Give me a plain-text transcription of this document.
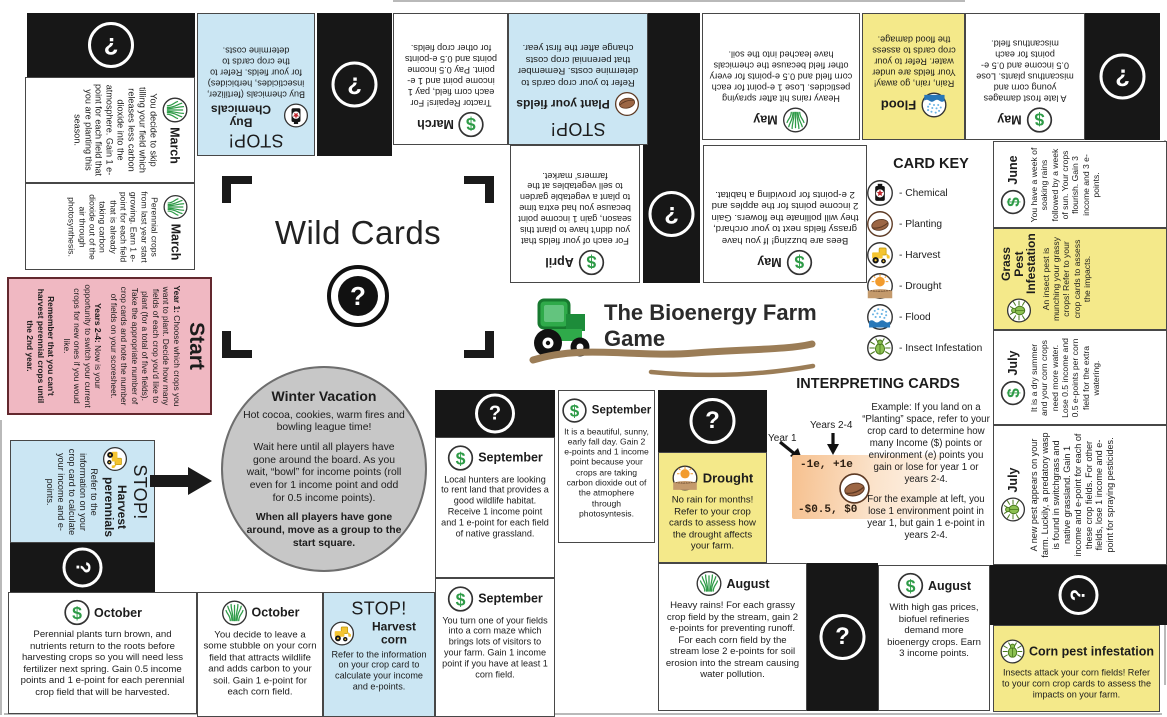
?
STOP!
Buy Chemicals
Buy chemicals (fertilizer, insecticides, herbicides) for your fields. Refer to the crop cards to determine costs.
?
March
Tractor Repairs! For each corn field, pay 1 income point and 1 e-point. Pay 0.5 income points and 0.5 e-points for other crop fields.
STOP!
Plant your fields
Refer to your crop cards to determine costs. Remember that perennial crop costs change after the first year.
May
Heavy rains hit after spraying pesticides. Lose 1 e-point for each corn field and 0.5 e-points for every other field because the chemicals have leached into the soil.
Flood
Rain, rain, go away! Your fields are under water. Refer to your crop cards to assess the flood damage.
May
A late frost damages young corn and miscanthus plants. Lose 0.5 income and 0.5 e-points for each miscanthus field.
?
April
For each of your fields that you didn't have to plant this season, gain 1 income point because you had extra time to plant a vegetable garden to sell vegetables at the farmers' market.
?
May
Bees are buzzing! If you have grassy fields next to your orchard, they will pollinate the flowers. Gain 2 income points for the apples and 2 e-points for providing a habitat.
March
You decide to skip tilling your field which releases less carbon dioxide into the atmosphere. Gain 1 e-point for each field that you are planting this season.
March
Perennial crops from last year start growing. Earn 1 e-point for each field that is already taking carbon dioxide out of the air through photosynthesis.
Start

Year 1: Choose which crops you want to plant. Decide how many fields of each crop you'd like to plant (for a total of five fields). Take the appropriate number of crop cards and note the number of fields on your scoresheet.

Years 2-4: Now is your opportunity to switch your current crops for new ones if you woud like.

Remember that you can't harvest perennial crops until the 2nd year.

STOP!
Harvest perennials
Refer to the information on your crop card to calculate your income and e-points.
?
October
Perennial plants turn brown, and nutrients return to the roots before harvesting crops so you will need less fertilizer next spring. Gain 0.5 income points and 1 e-point for each perennial crop field that will be harvested.
October
You decide to leave a some stubble on your corn field that attracts wildlife and adds carbon to your soil. Gain 1 e-point for each corn field.
STOP!
Harvest corn
Refer to the information on your crop card to calculate your income and e-points.
September
You turn one of your fields into a corn maze which brings lots of visitors to your farm. Gain 1 income point if you have at least 1 corn field.
?
September
Local hunters are looking to rent land that provides a good wildlife habitat. Receive 1 income point and 1 e-point for each field of native grassland.
September
It is a beautiful, sunny, early fall day. Gain 2 e-points and 1 income point because your crops are taking carbon dioxide out of the atmophere through photosyntesis.
?
Drought
No rain for months! Refer to your crop cards to assess how the drought affects your farm.
August
Heavy rains! For each grassy crop field by the stream, gain 2 e-points for preventing runoff. For each corn field by the stream lose 2 e-points for soil erosion into the stream causing water pollution.
?
August
With high gas prices, biofuel refineries demand more bioenergy crops. Earn 3 income points.
?
Corn pest infestation
Insects attack your corn fields! Refer to your corn crop cards to assess the impacts on your farm.
June You have a week of soaking rains followed by a week of sun. Your crops flourish. Gain 3 income and 3 e-points.
Grass Pest Infestation An insect pest is munching your grassy crops! Refer to your crop cards to assess the impacts.
July It is a dry summer and your corn crops need more water. Lose 0.5 income and 0.5 e-points per corn field for the extra watering.
July A new pest appears on your farm. Luckily, a predatory wasp is found in switchgrass and native grassland. Gain 1 income and e-point for each of these crop fields. For other fields, lose 1 income and e-point for spraying pesticides.
Wild Cards
?
Winter Vacation

Hot cocoa, cookies, warm fires and bowling league time!

Wait here until all players have gone around the board. As you wait, “bowl” for income points (roll even for 1 income point and odd for 0.5 income points).

When all players have gone around, move as a group to the start square.

The Bioenergy Farm Game
CARD KEY
- Chemical
- Planting
- Harvest
- Drought
- Flood
- Insect Infestation
INTERPRETING CARDS
Year 1
Years 2-4
-1e, +1e
-$0.5, $0

Example: If you land on a “Planting” space, refer to your crop card to determine how many Income ($) points or environment (e) points you gain or lose for year 1 or years 2-4.

For the example at left, you lose 1 environment point in year 1, but gain 1 e-point in years 2-4.
